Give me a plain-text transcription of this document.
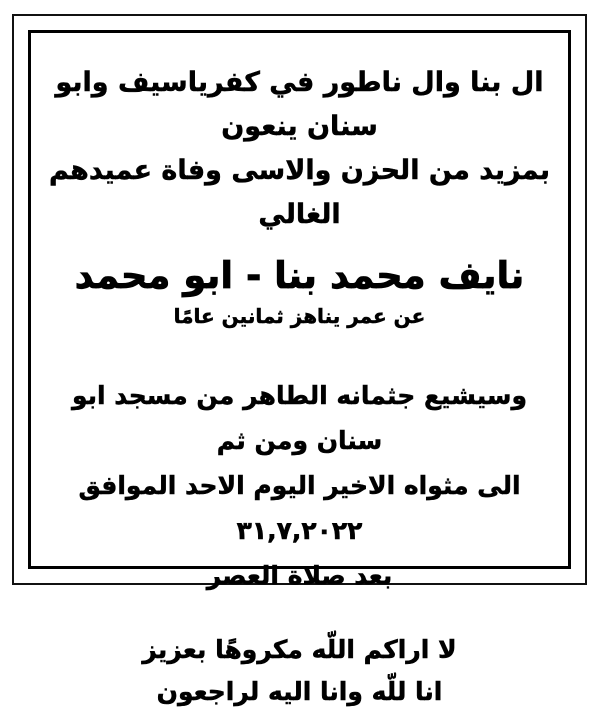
ال بنا وال ناطور في كفرياسيف وابو سنان ينعون

بمزيد من الحزن والاسى وفاة عميدهم الغالي

نايف محمد بنا - ابو محمد

عن عمر يناهز ثمانين عامًا

وسيشيع جثمانه الطاهر من مسجد ابو سنان ومن ثم

الى مثواه الاخير اليوم الاحد الموافق ٣١,٧,٢٠٢٢

بعد صلاة العصر

لا اراكم اللّه مكروهًا بعزيز

انا للّه وانا اليه لراجعون
